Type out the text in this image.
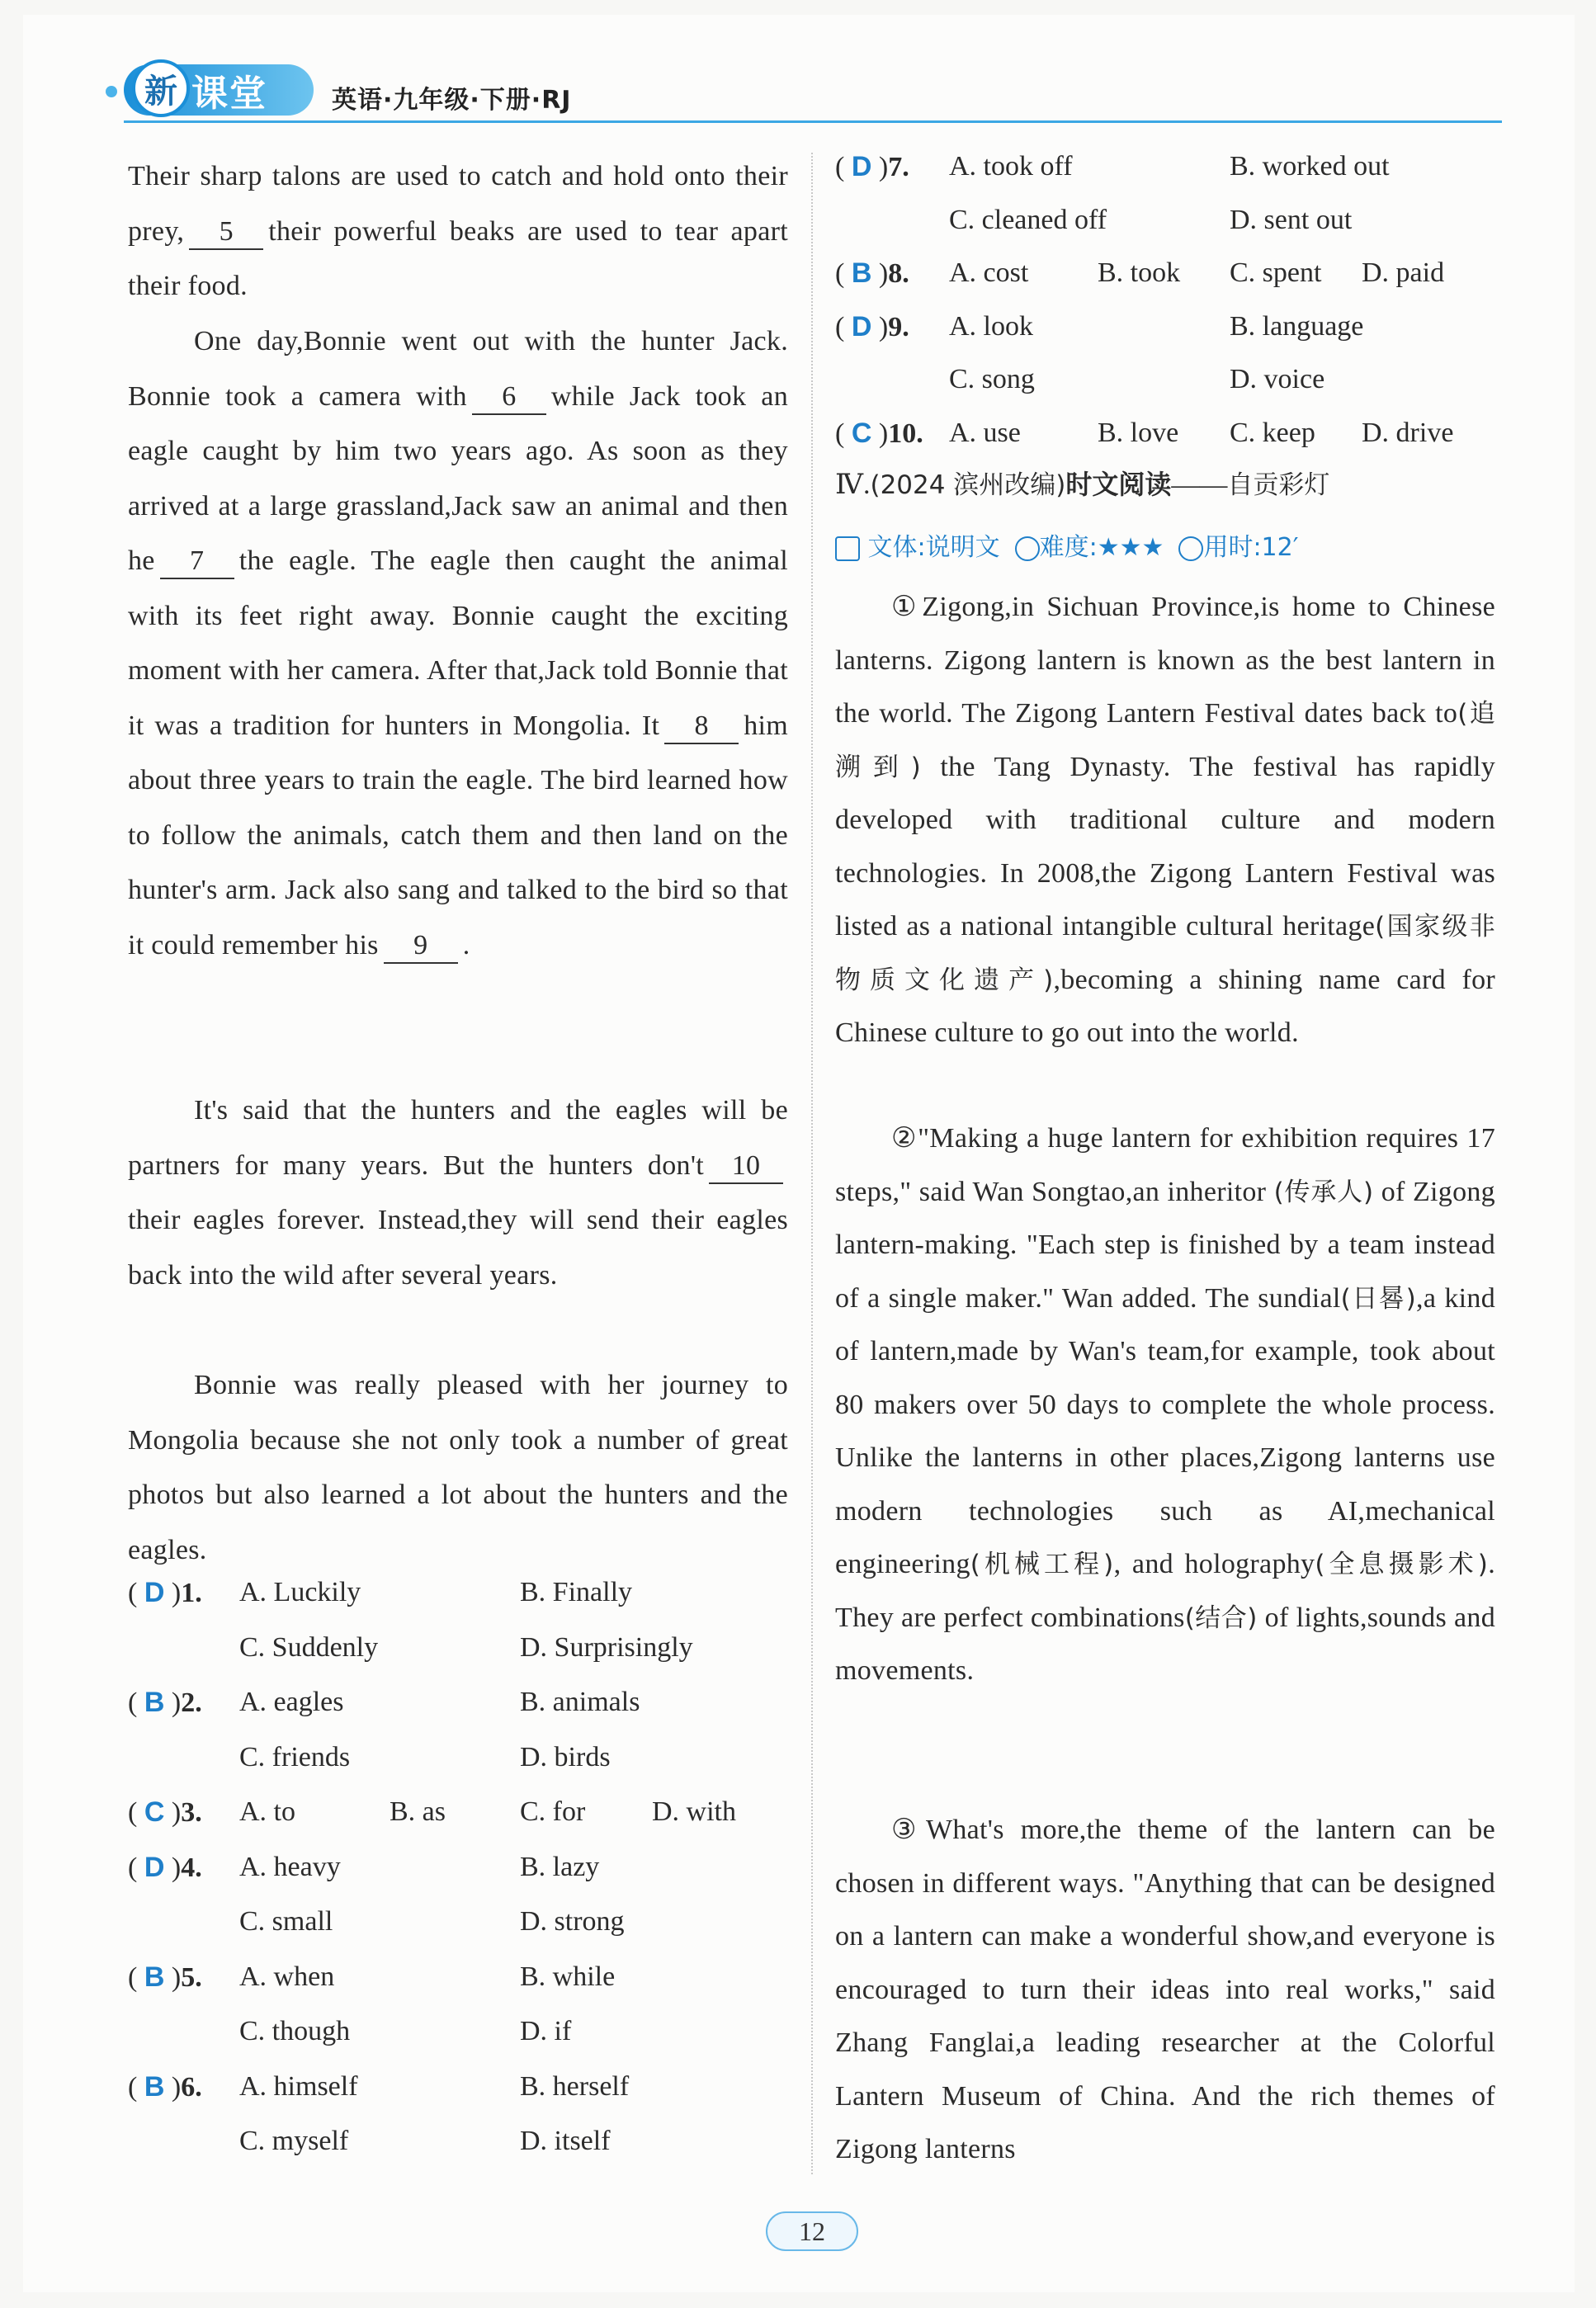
课堂
新	英语·九年级·下册·RJ

Their sharp talons are used to catch and hold onto their prey, 5 their powerful beaks are used to tear apart their food.

One day,Bonnie went out with the hunter Jack. Bonnie took a camera with 6 while Jack took an eagle caught by him two years ago. As soon as they arrived at a large grassland,Jack saw an animal and then he 7 the eagle. The eagle then caught the animal with its feet right away. Bonnie caught the exciting moment with her camera. After that,Jack told Bonnie that it was a tradition for hunters in Mongolia. It 8 him about three years to train the eagle. The bird learned how to follow the animals, catch them and then land on the hunter's arm. Jack also sang and talked to the bird so that it could remember his 9 .

It's said that the hunters and the eagles will be partners for many years. But the hunters don't 10their eagles forever. Instead,they will send their eagles back into the wild after several years.

Bonnie was really pleased with her journey to Mongolia because she not only took a number of great photos but also learned a lot about the hunters and the eagles.

( D )1. A. Luckily	B. Finally
C. Suddenly	D. Surprisingly
( B )2. A. eagles	B. animals
C. friends	D. birds
( C )3. A. to	B. as	C. for D. with
( D )4. A. heavy	B. lazy
C. small	D. strong
( B )5. A. when	B. while
C. though	D. if
( B )6. A. himself	B. herself
C. myself	D. itself
( D )7. A. took off	B. worked out
C. cleaned off	D. sent out
( B )8. A. cost B. took C. spent D. paid
( D )9. A. look	B. language
C. song	D. voice
( C )10. A. use	B. love C. keep D. drive
Ⅳ.(2024 滨州改编)时文阅读——自贡彩灯
文体:说明文	难度:★★★	用时:12′

①Zigong,in Sichuan Province,is home to Chinese lanterns. Zigong lantern is known as the best lantern in the world. The Zigong Lantern Festival dates back to(追溯到) the Tang Dynasty. The festival has rapidly developed with traditional culture and modern technologies. In 2008,the Zigong Lantern Festival was listed as a national intangible cultural heritage(国家级非物质文化遗产),becoming a shining name card for Chinese culture to go out into the world.

②"Making a huge lantern for exhibition requires 17 steps," said Wan Songtao,an inheritor (传承人) of Zigong lantern-making. "Each step is finished by a team instead of a single maker." Wan added. The sundial(日晷),a kind of lantern,made by Wan's team,for example, took about 80 makers over 50 days to complete the whole process. Unlike the lanterns in other places,Zigong lanterns use modern technologies such as AI,mechanical engineering(机械工程), and holography(全息摄影术). They are perfect combinations(结合) of lights,sounds and movements.

③What's more,the theme of the lantern can be chosen in different ways. "Anything that can be designed on a lantern can make a wonderful show,and everyone is encouraged to turn their ideas into real works," said Zhang Fanglai,a leading researcher at the Colorful Lantern Museum of China. And the rich themes of Zigong lanterns

12
